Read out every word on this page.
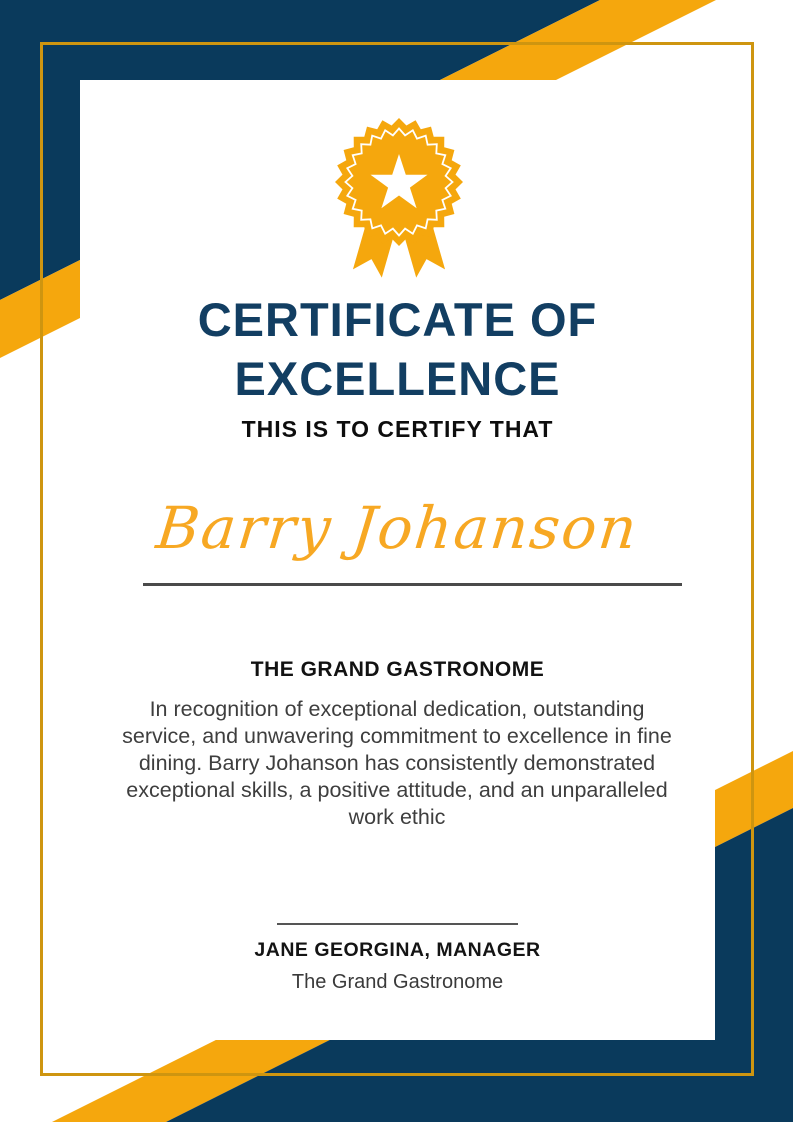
CERTIFICATE OF
EXCELLENCE
THIS IS TO CERTIFY THAT
Barry Johanson
THE GRAND GASTRONOME
In recognition of exceptional dedication, outstanding service, and unwavering commitment to excellence in fine dining. Barry Johanson has consistently demonstrated exceptional skills, a positive attitude, and an unparalleled work ethic
JANE GEORGINA, MANAGER
The Grand Gastronome
